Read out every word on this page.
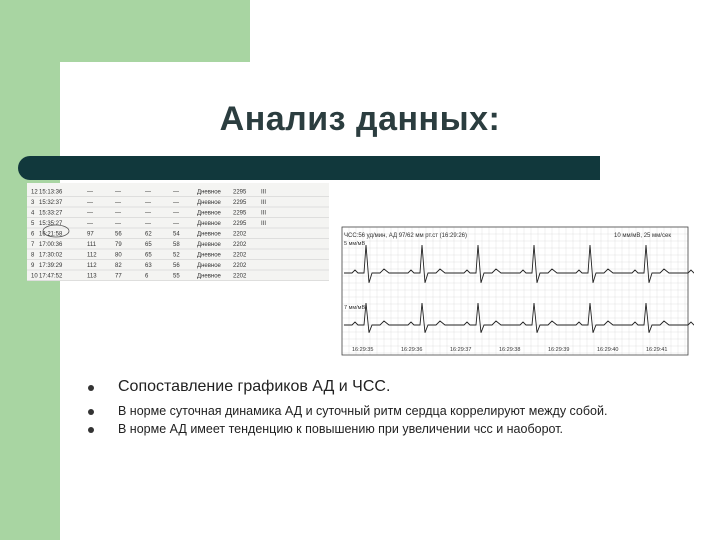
Анализ данных:
12 15:13:36	—	—	—	—	Дневное 2295 III
3 15:32:37	—	—	—	—	Дневное 2295 III
4 15:33:27	—	—	—	—	Дневное 2295 III
5 15:35:27	—	—	—	—	Дневное 2295 III
6 16:21:58	97	56	62	54	Дневное 2202
7 17:00:36	111	79	65	58	Дневное 2202
8 17:30:02	112	80	65	52	Дневное 2202
9 17:39:29	112	82	63	56	Дневное 2202
10 17:47:52	113	77	6	55	Дневное 2202
ЧСС:56 уд/мин, АД 97/62 мм рт.ст (16:29:26)	10 мм/мВ, 25 мм/сек
5 мм/мВ
7 мм/мВ
16:29:35	16:29:36	16:29:37	16:29:38	16:29:39	16:29:40	16:29:41
Сопоставление графиков АД и ЧСС.
В норме суточная динамика АД и суточный ритм сердца коррелируют между собой.
В норме АД имеет тенденцию к повышению при увеличении чсс и наоборот.
